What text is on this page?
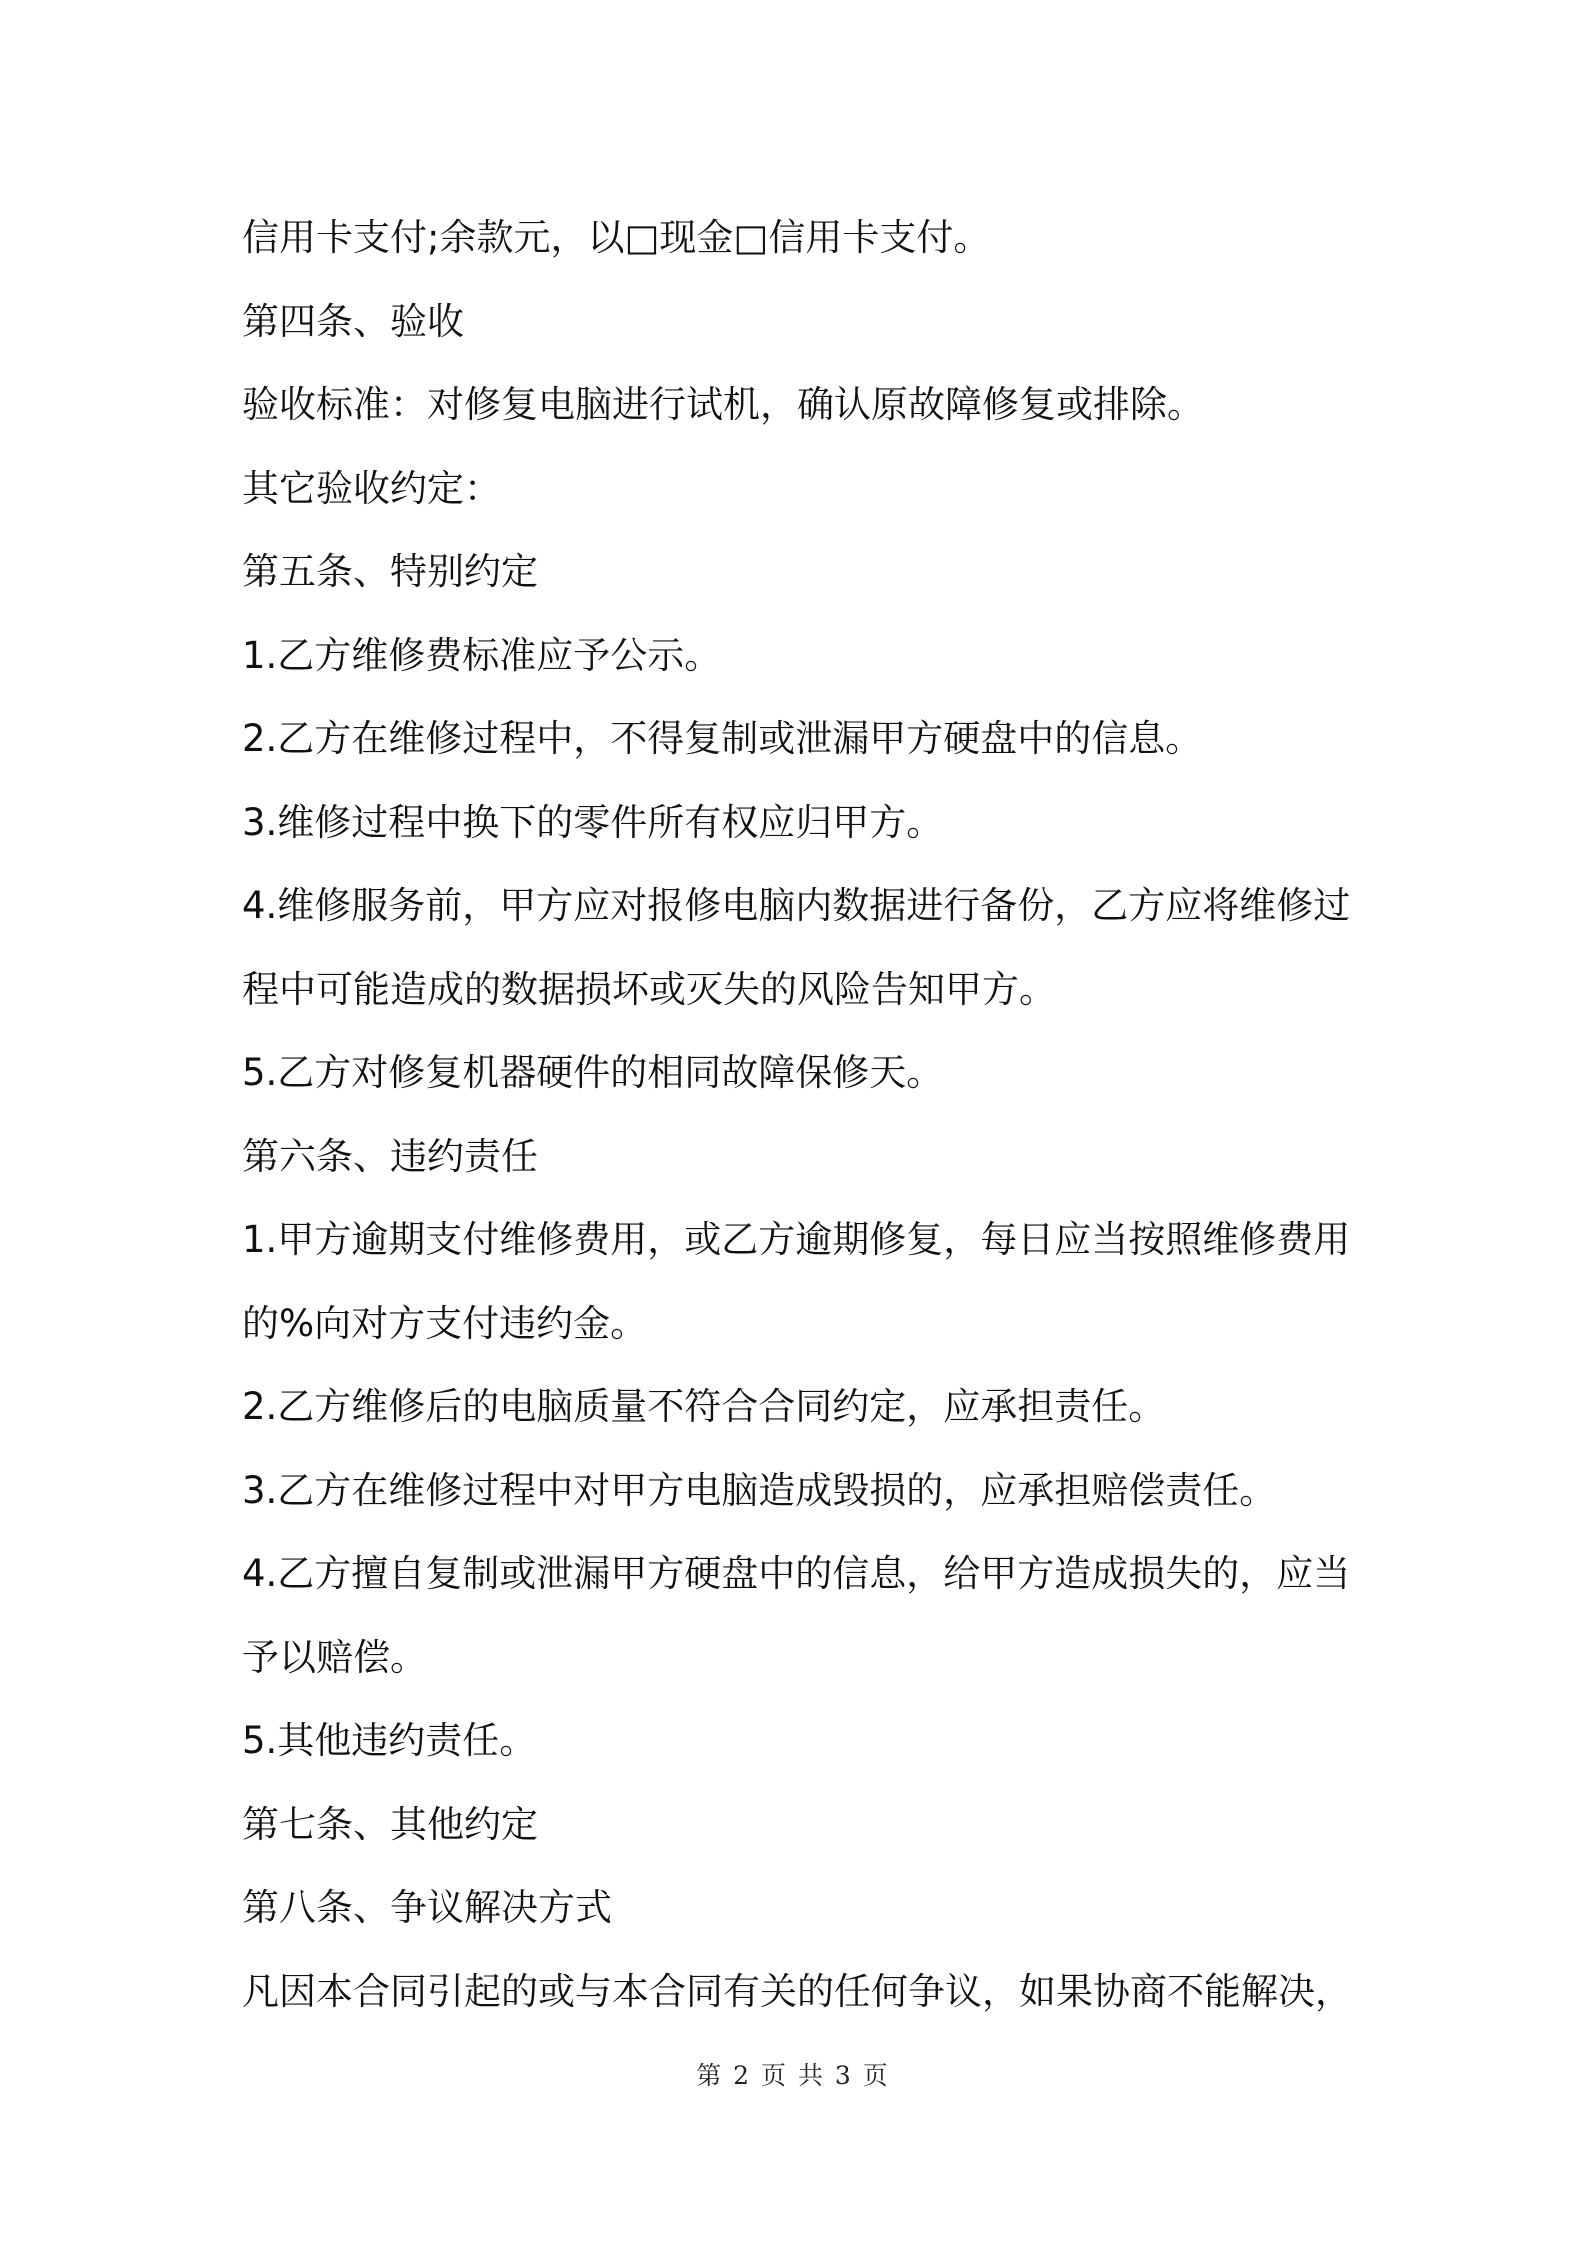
信用卡支付;余款元，以□现金□信用卡支付。
第四条、验收
验收标准：对修复电脑进行试机，确认原故障修复或排除。
其它验收约定：
第五条、特别约定
1.乙方维修费标准应予公示。
2.乙方在维修过程中，不得复制或泄漏甲方硬盘中的信息。
3.维修过程中换下的零件所有权应归甲方。
4.维修服务前，甲方应对报修电脑内数据进行备份，乙方应将维修过
程中可能造成的数据损坏或灭失的风险告知甲方。
5.乙方对修复机器硬件的相同故障保修天。
第六条、违约责任
1.甲方逾期支付维修费用，或乙方逾期修复，每日应当按照维修费用
的%向对方支付违约金。
2.乙方维修后的电脑质量不符合合同约定，应承担责任。
3.乙方在维修过程中对甲方电脑造成毁损的，应承担赔偿责任。
4.乙方擅自复制或泄漏甲方硬盘中的信息，给甲方造成损失的，应当
予以赔偿。
5.其他违约责任。
第七条、其他约定
第八条、争议解决方式
凡因本合同引起的或与本合同有关的任何争议，如果协商不能解决，
第 2 页 共 3 页
